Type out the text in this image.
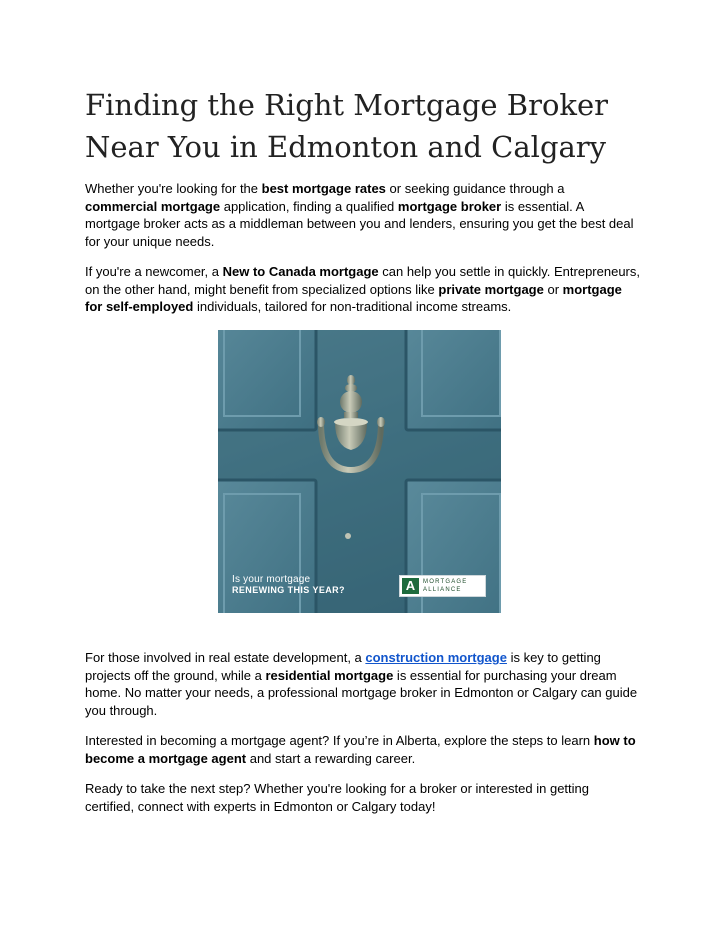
Finding the Right Mortgage Broker Near You in Edmonton and Calgary

Whether you're looking for the best mortgage rates or seeking guidance through a commercial mortgage application, finding a qualified mortgage broker is essential. A mortgage broker acts as a middleman between you and lenders, ensuring you get the best deal for your unique needs.

If you're a newcomer, a New to Canada mortgage can help you settle in quickly. Entrepreneurs, on the other hand, might benefit from specialized options like private mortgage or mortgage for self-employed individuals, tailored for non-traditional income streams.

Is your mortgage
RENEWING THIS YEAR?	A	MORTGAGE
ALLIANCE

For those involved in real estate development, a construction mortgage is key to getting projects off the ground, while a residential mortgage is essential for purchasing your dream home. No matter your needs, a professional mortgage broker in Edmonton or Calgary can guide you through.

Interested in becoming a mortgage agent? If you’re in Alberta, explore the steps to learn how to become a mortgage agent and start a rewarding career.

Ready to take the next step? Whether you're looking for a broker or interested in getting certified, connect with experts in Edmonton or Calgary today!
